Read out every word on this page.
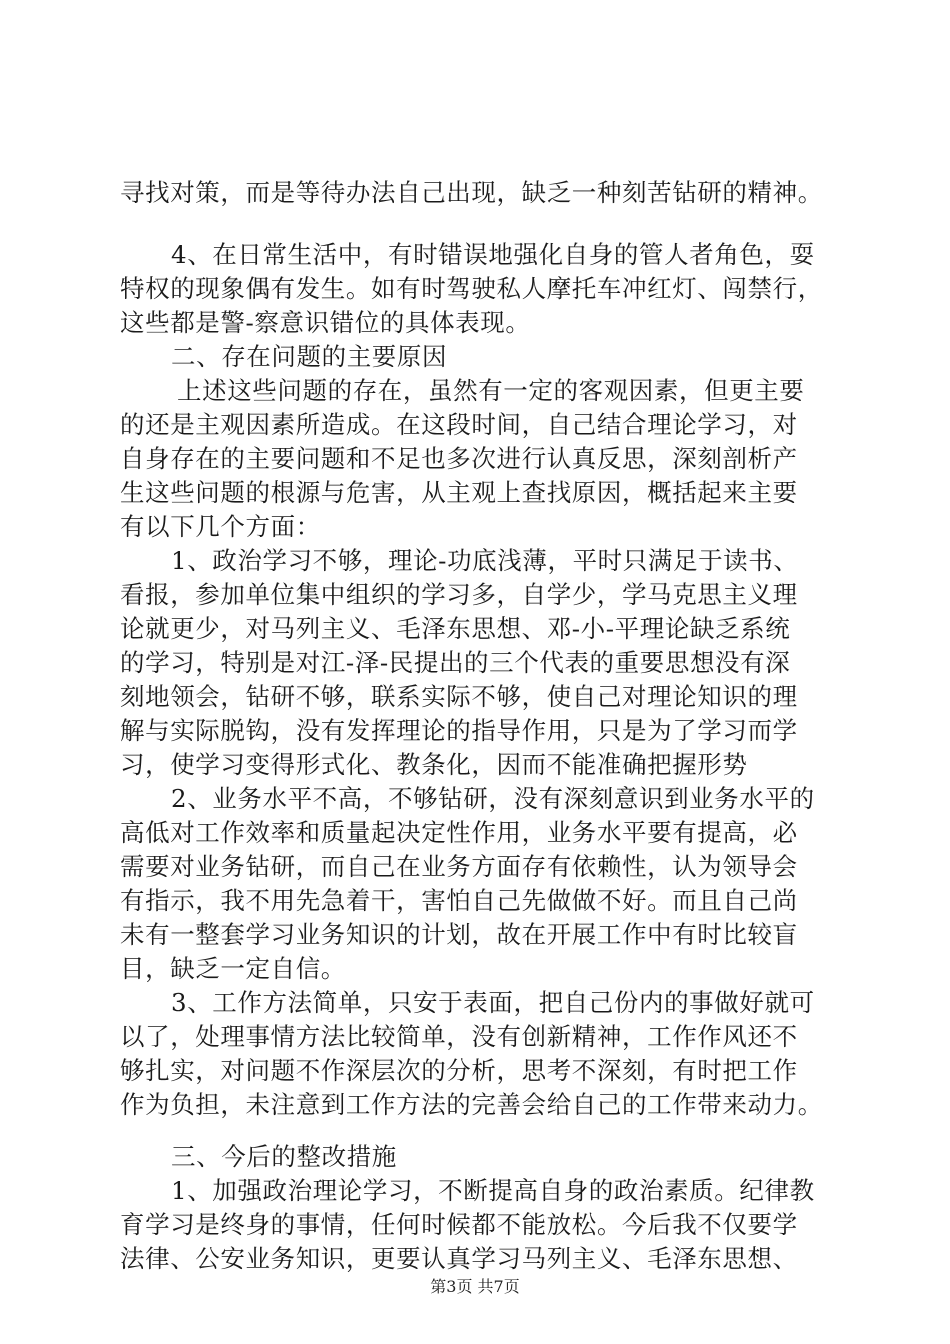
寻找对策，而是等待办法自己出现，缺乏一种刻苦钻研的精神。
4、在日常生活中，有时错误地强化自身的管人者角色，耍
特权的现象偶有发生。如有时驾驶私人摩托车冲红灯、闯禁行，
这些都是警-察意识错位的具体表现。
二、存在问题的主要原因
上述这些问题的存在，虽然有一定的客观因素，但更主要
的还是主观因素所造成。在这段时间，自己结合理论学习，对
自身存在的主要问题和不足也多次进行认真反思，深刻剖析产
生这些问题的根源与危害，从主观上查找原因，概括起来主要
有以下几个方面：
1、政治学习不够，理论-功底浅薄，平时只满足于读书、
看报，参加单位集中组织的学习多，自学少，学马克思主义理
论就更少，对马列主义、毛泽东思想、邓-小-平理论缺乏系统
的学习，特别是对江-泽-民提出的三个代表的重要思想没有深
刻地领会，钻研不够，联系实际不够，使自己对理论知识的理
解与实际脱钩，没有发挥理论的指导作用，只是为了学习而学
习，使学习变得形式化、教条化，因而不能准确把握形势
2、业务水平不高，不够钻研，没有深刻意识到业务水平的
高低对工作效率和质量起决定性作用，业务水平要有提高，必
需要对业务钻研，而自己在业务方面存有依赖性，认为领导会
有指示，我不用先急着干，害怕自己先做做不好。而且自己尚
未有一整套学习业务知识的计划，故在开展工作中有时比较盲
目，缺乏一定自信。
3、工作方法简单，只安于表面，把自己份内的事做好就可
以了，处理事情方法比较简单，没有创新精神，工作作风还不
够扎实，对问题不作深层次的分析，思考不深刻，有时把工作
作为负担，未注意到工作方法的完善会给自己的工作带来动力。
三、今后的整改措施
1、加强政治理论学习，不断提高自身的政治素质。纪律教
育学习是终身的事情，任何时候都不能放松。今后我不仅要学
法律、公安业务知识，更要认真学习马列主义、毛泽东思想、
第3页 共7页
